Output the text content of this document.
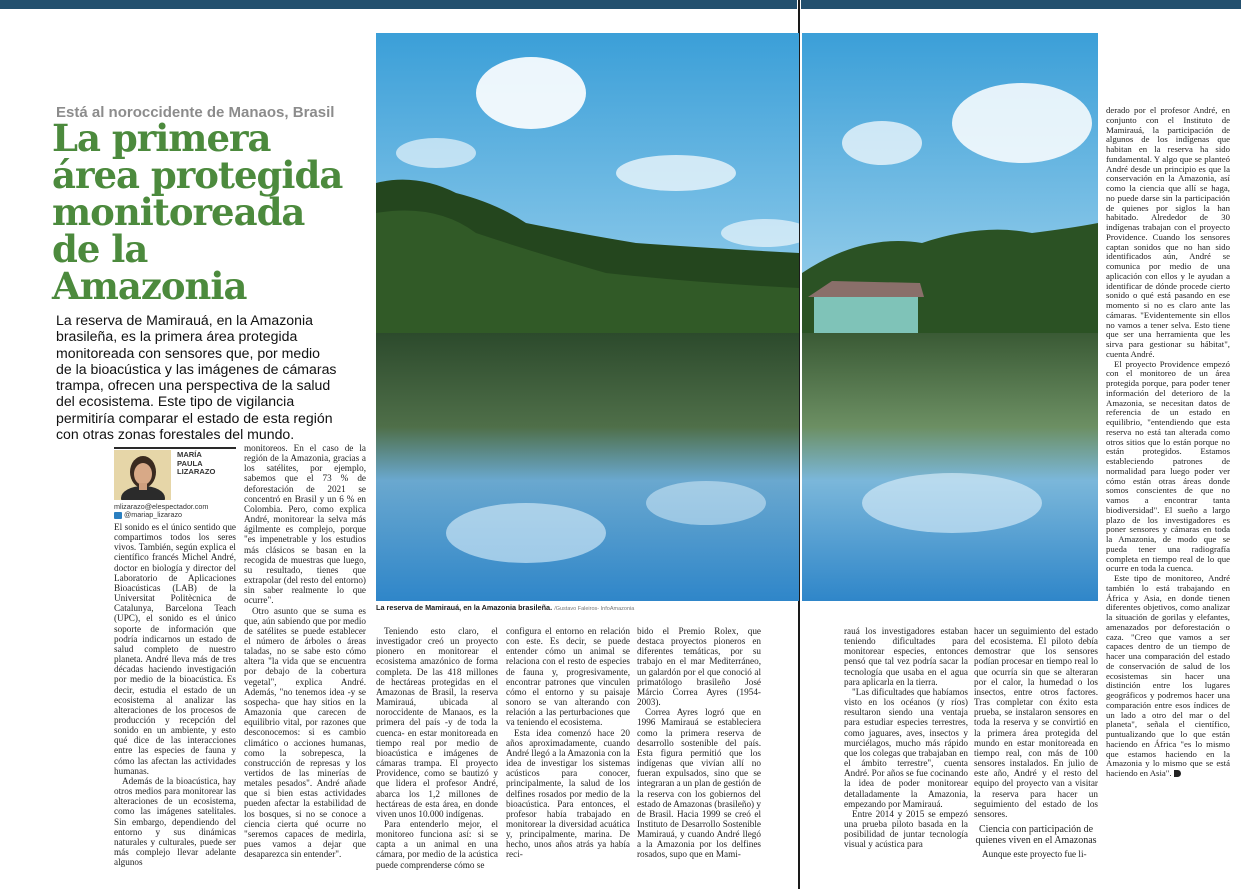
Está al noroccidente de Manaos, Brasil
La primera
área protegida
monitoreada
de la Amazonia
La reserva de Mamirauá, en la Amazonia brasileña, es la primera área protegida monitoreada con sensores que, por medio de la bioacústica y las imágenes de cámaras trampa, ofrecen una perspectiva de la salud del ecosistema. Este tipo de vigilancia permitiría comparar el estado de esta región con otras zonas forestales del mundo.
MARÍA
PAULA
LIZARAZO
mlizarazo@elespectador.com
@mariap_lizarazo

El sonido es el único sentido que compartimos todos los seres vivos. También, según explica el científico francés Michel André, doctor en biología y director del Laboratorio de Aplicaciones Bioacústicas (LAB) de la Universitat Politècnica de Catalunya, Barcelona Teach (UPC), el sonido es el único soporte de información que podría indicarnos un estado de salud completo de nuestro planeta. André lleva más de tres décadas haciendo investigación por medio de la bioacústica. Es decir, estudia el estado de un ecosistema al analizar las alteraciones de los procesos de producción y recepción del sonido en un ambiente, y esto qué dice de las interacciones entre las especies de fauna y cómo las afectan las actividades humanas.

Además de la bioacústica, hay otros medios para monitorear las alteraciones de un ecosistema, como las imágenes satelitales. Sin embargo, dependiendo del entorno y sus dinámicas naturales y culturales, puede ser más complejo llevar adelante algunos

monitoreos. En el caso de la región de la Amazonia, gracias a los satélites, por ejemplo, sabemos que el 73 % de deforestación de 2021 se concentró en Brasil y un 6 % en Colombia. Pero, como explica André, monitorear la selva más ágilmente es complejo, porque "es impenetrable y los estudios más clásicos se basan en la recogida de muestras que luego, su resultado, tienes que extrapolar (del resto del entorno) sin saber realmente lo que ocurre".

Otro asunto que se suma es que, aún sabiendo que por medio de satélites se puede establecer el número de árboles o áreas taladas, no se sabe esto cómo altera "la vida que se encuentra por debajo de la cobertura vegetal", explica André. Además, "no tenemos idea -y se sospecha- que hay sitios en la Amazonia que carecen de equilibrio vital, por razones que desconocemos: si es cambio climático o acciones humanas, como la sobrepesca, la construcción de represas y los vertidos de las minerías de metales pesados". André añade que si bien estas actividades pueden afectar la estabilidad de los bosques, si no se conoce a ciencia cierta qué ocurre no "seremos capaces de medirla, pues vamos a dejar que desaparezca sin entender".

Teniendo esto claro, el investigador creó un proyecto pionero en monitorear el ecosistema amazónico de forma completa. De las 418 millones de hectáreas protegidas en el Amazonas de Brasil, la reserva Mamirauá, ubicada al noroccidente de Manaos, es la primera del país -y de toda la cuenca- en estar monitoreada en tiempo real por medio de bioacústica e imágenes de cámaras trampa. El proyecto Providence, como se bautizó y que lidera el profesor André, abarca los 1,2 millones de hectáreas de esta área, en donde viven unos 10.000 indígenas.

Para entenderlo mejor, el monitoreo funciona así: si se capta a un animal en una cámara, por medio de la acústica puede comprenderse cómo se

configura el entorno en relación con este. Es decir, se puede entender cómo un animal se relaciona con el resto de especies de fauna y, progresivamente, encontrar patrones que vinculen cómo el entorno y su paisaje sonoro se van alterando con relación a las perturbaciones que va teniendo el ecosistema.

Esta idea comenzó hace 20 años aproximadamente, cuando André llegó a la Amazonia con la idea de investigar los sistemas acústicos para conocer, principalmente, la salud de los delfines rosados por medio de la bioacústica. Para entonces, el profesor había trabajado en monitorear la diversidad acuática y, principalmente, marina. De hecho, unos años atrás ya había reci-

bido el Premio Rolex, que destaca proyectos pioneros en diferentes temáticas, por su trabajo en el mar Mediterráneo, un galardón por el que conoció al primatólogo brasileño José Márcio Correa Ayres (1954-2003).

Correa Ayres logró que en 1996 Mamirauá se estableciera como la primera reserva de desarrollo sostenible del país. Esta figura permitió que los indígenas que vivían allí no fueran expulsados, sino que se integraran a un plan de gestión de la reserva con los gobiernos del estado de Amazonas (brasileño) y de Brasil. Hacia 1999 se creó el Instituto de Desarrollo Sostenible Mamirauá, y cuando André llegó a la Amazonia por los delfines rosados, supo que en Mami-

rauá los investigadores estaban teniendo dificultades para monitorear especies, entonces pensó que tal vez podría sacar la tecnología que usaba en el agua para aplicarla en la tierra.

"Las dificultades que habíamos visto en los océanos (y ríos) resultaron siendo una ventaja para estudiar especies terrestres, como jaguares, aves, insectos y murciélagos, mucho más rápido que los colegas que trabajaban en el ámbito terrestre", cuenta André. Por años se fue cocinando la idea de poder monitorear detalladamente la Amazonia, empezando por Mamirauá.

Entre 2014 y 2015 se empezó una prueba piloto basada en la posibilidad de juntar tecnología visual y acústica para

hacer un seguimiento del estado del ecosistema. El piloto debía demostrar que los sensores podían procesar en tiempo real lo que ocurría sin que se alteraran por el calor, la humedad o los insectos, entre otros factores. Tras completar con éxito esta prueba, se instalaron sensores en toda la reserva y se convirtió en la primera área protegida del mundo en estar monitoreada en tiempo real, con más de 100 sensores instalados. En julio de este año, André y el resto del equipo del proyecto van a visitar la reserva para hacer un seguimiento del estado de los sensores.

Ciencia con participación de quienes viven en el Amazonas

Aunque este proyecto fue li-

derado por el profesor André, en conjunto con el Instituto de Mamirauá, la participación de algunos de los indígenas que habitan en la reserva ha sido fundamental. Y algo que se planteó André desde un principio es que la conservación en la Amazonia, así como la ciencia que allí se haga, no puede darse sin la participación de quienes por siglos la han habitado. Alrededor de 30 indígenas trabajan con el proyecto Providence. Cuando los sensores captan sonidos que no han sido identificados aún, André se comunica por medio de una aplicación con ellos y le ayudan a identificar de dónde procede cierto sonido o qué está pasando en ese momento si no es claro ante las cámaras. "Evidentemente sin ellos no vamos a tener selva. Esto tiene que ser una herramienta que les sirva para gestionar su hábitat", cuenta André.

El proyecto Providence empezó con el monitoreo de un área protegida porque, para poder tener información del deterioro de la Amazonia, se necesitan datos de referencia de un estado en equilibrio, "entendiendo que esta reserva no está tan alterada como otros sitios que lo están porque no están protegidos. Estamos estableciendo patrones de normalidad para luego poder ver cómo están otras áreas donde somos conscientes de que no vamos a encontrar tanta biodiversidad". El sueño a largo plazo de los investigadores es poner sensores y cámaras en toda la Amazonia, de modo que se pueda tener una radiografía completa en tiempo real de lo que ocurre en toda la cuenca.

Este tipo de monitoreo, André también lo está trabajando en África y Asia, en donde tienen diferentes objetivos, como analizar la situación de gorilas y elefantes, amenazados por deforestación o caza. "Creo que vamos a ser capaces dentro de un tiempo de hacer una comparación del estado de conservación de salud de los ecosistemas sin hacer una distinción entre los lugares geográficos y podremos hacer una comparación entre esos índices de un lado a otro del mar o del planeta", señala el científico, puntualizando que lo que están haciendo en África "es lo mismo que estamos haciendo en la Amazonia y lo mismo que se está haciendo en Asia".

La reserva de Mamirauá, en la Amazonia brasileña. /Gustavo Faleiros- InfoAmazonia
